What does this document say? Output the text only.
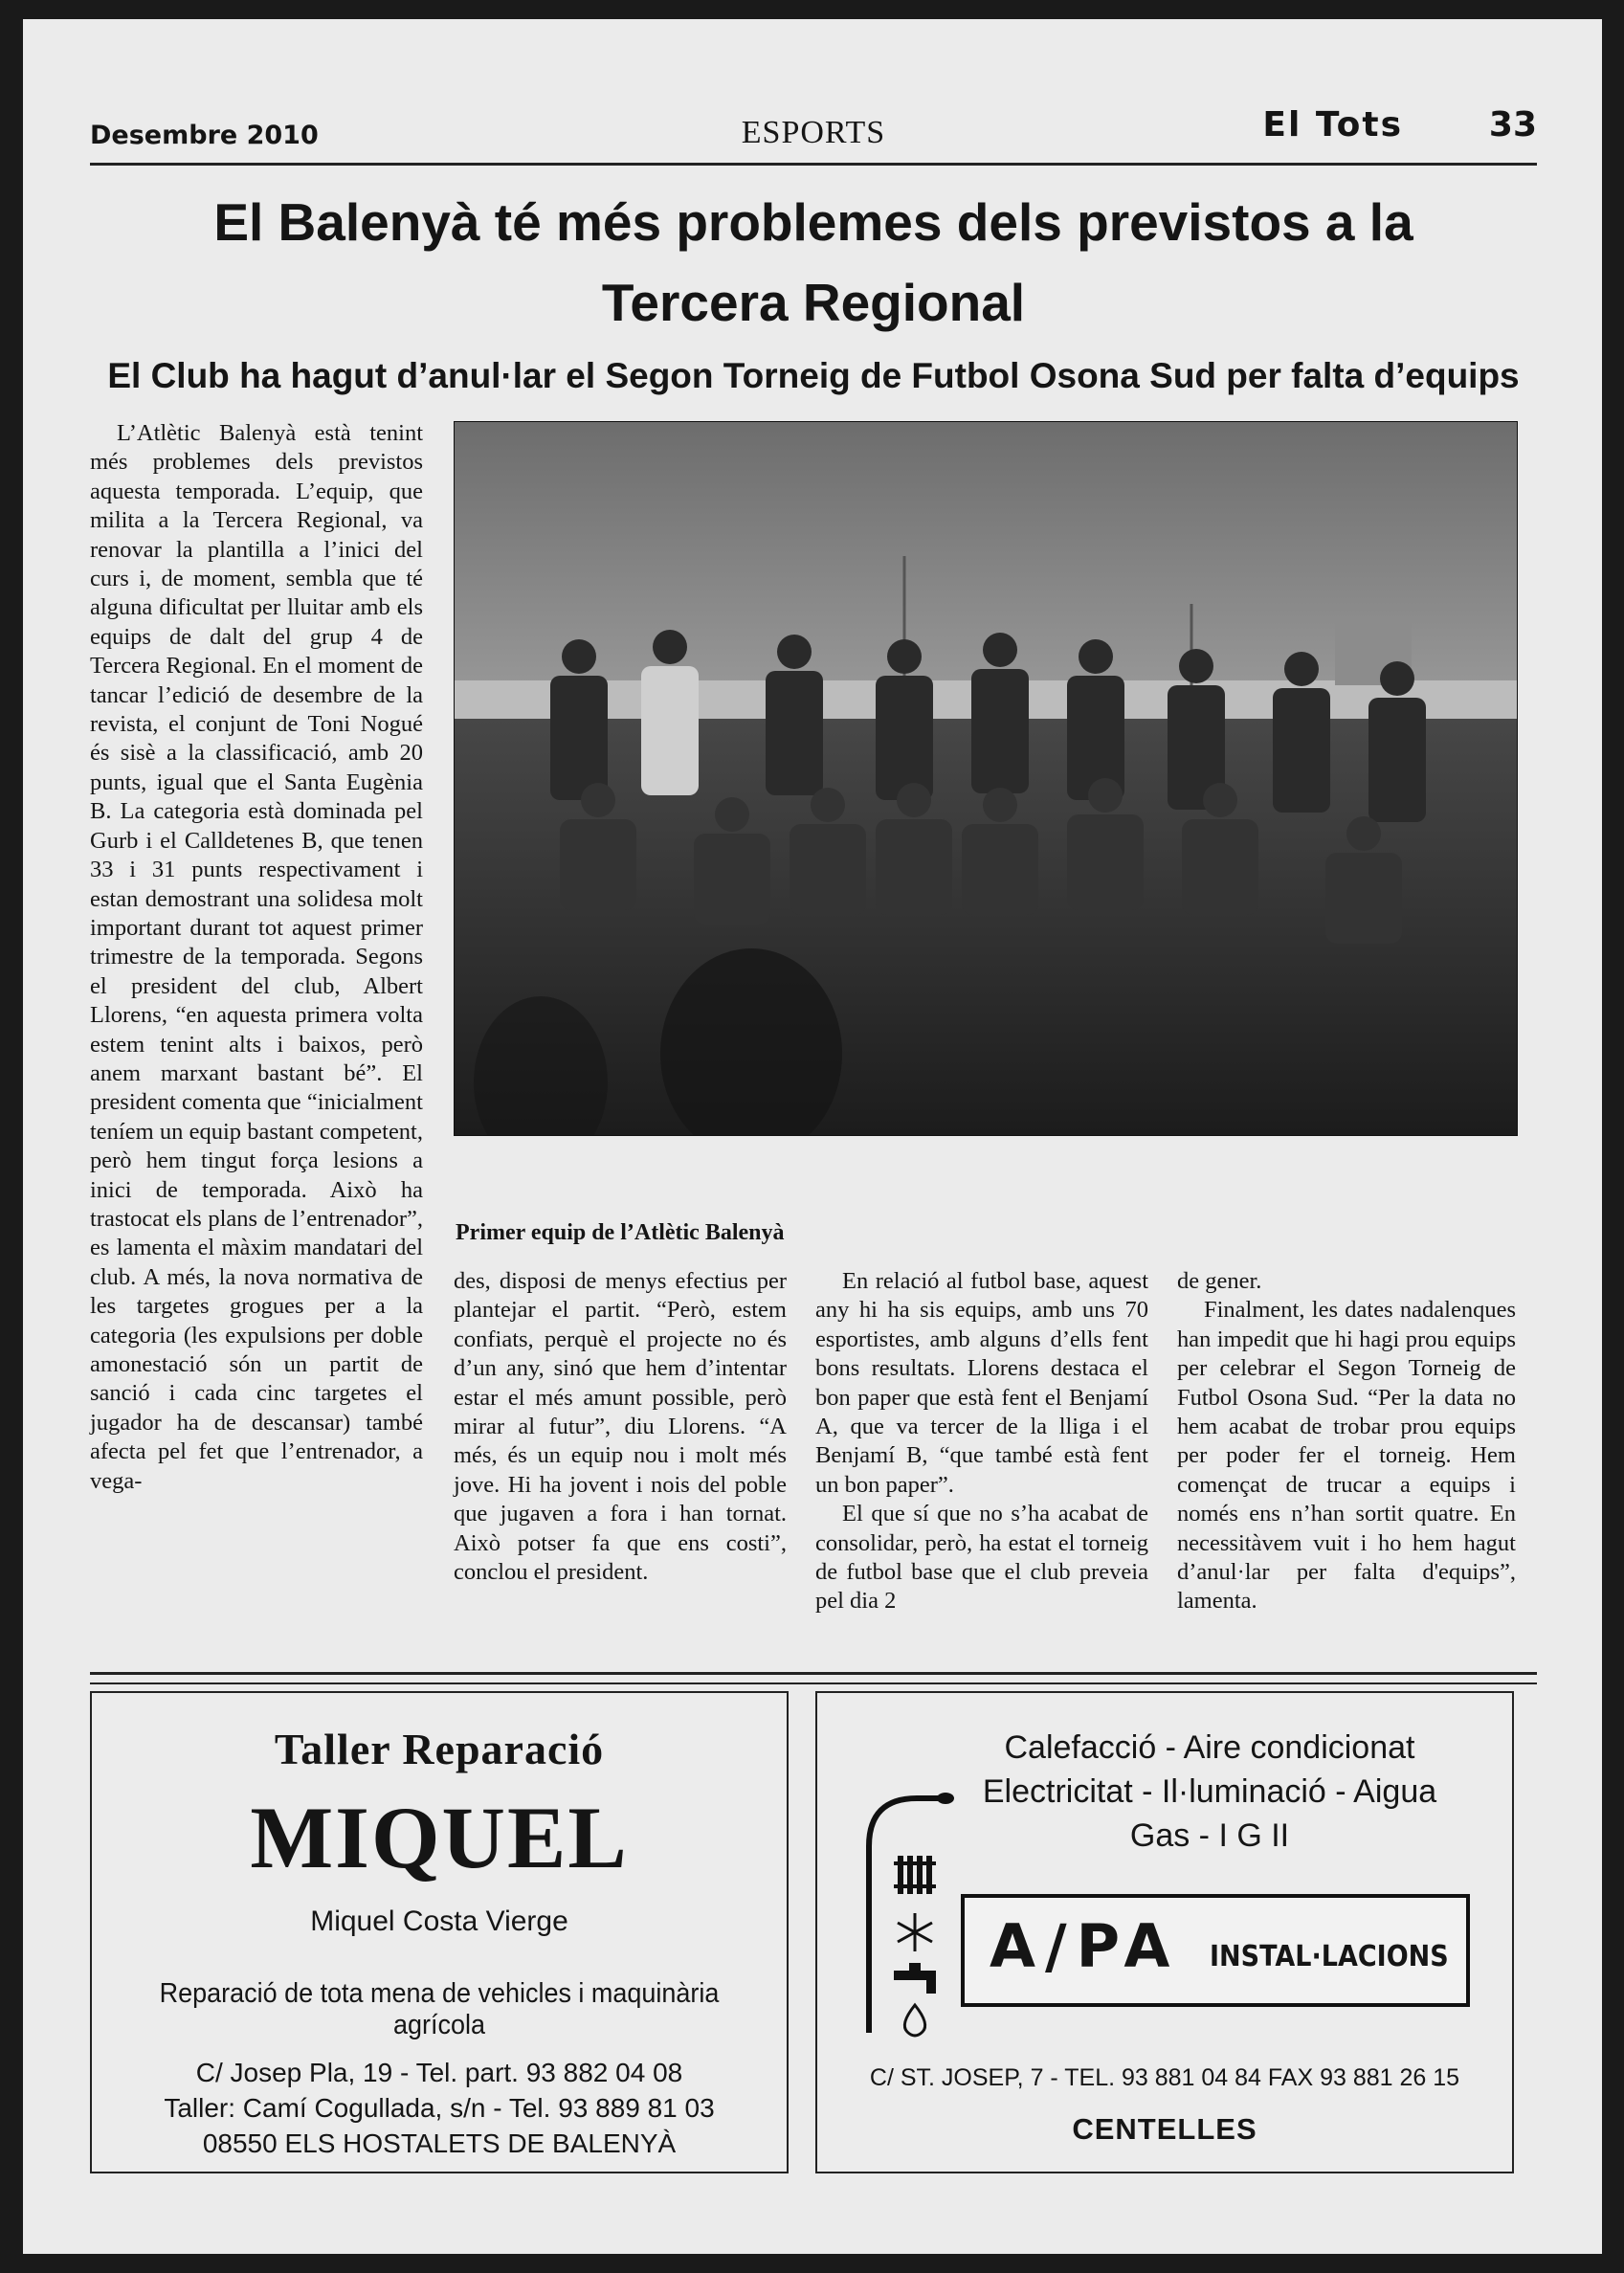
Desembre 2010	ESPORTS	El Tots 33
El Balenyà té més problemes dels previstos a la
Tercera Regional
El Club ha hagut d’anul·lar el Segon Torneig de Futbol Osona Sud per falta d’equips

L’Atlètic Balenyà està tenint més problemes dels previstos aquesta temporada. L’equip, que milita a la Tercera Regional, va renovar la plantilla a l’inici del curs i, de moment, sembla que té alguna dificultat per lluitar amb els equips de dalt del grup 4 de Tercera Regional. En el moment de tancar l’edició de desembre de la revista, el conjunt de Toni Nogué és sisè a la classificació, amb 20 punts, igual que el Santa Eugènia B. La categoria està dominada pel Gurb i el Calldetenes B, que tenen 33 i 31 punts respectivament i estan demostrant una solidesa molt important durant tot aquest primer trimestre de la temporada. Segons el president del club, Albert Llorens, “en aquesta primera volta estem tenint alts i baixos, però anem marxant bastant bé”. El president comenta que “inicialment teníem un equip bastant competent, però hem tingut força lesions a inici de temporada. Això ha trastocat els plans de l’entrenador”, es lamenta el màxim mandatari del club. A més, la nova normativa de les targetes grogues per a la categoria (les expulsions per doble amonestació són un partit de sanció i cada cinc targetes el jugador ha de descansar) també afecta pel fet que l’entrenador, a vega-

Primer equip de l’Atlètic Balenyà

des, disposi de menys efectius per plantejar el partit. “Però, estem confiats, perquè el projecte no és d’un any, sinó que hem d’intentar estar el més amunt possible, però mirar al futur”, diu Llorens. “A més, és un equip nou i molt més jove. Hi ha jovent i nois del poble que jugaven a fora i han tornat. Això potser fa que ens costi”, conclou el president.

En relació al futbol base, aquest any hi ha sis equips, amb uns 70 esportistes, amb alguns d’ells fent bons resultats. Llorens destaca el bon paper que està fent el Benjamí A, que va tercer de la lliga i el Benjamí B, “que també està fent un bon paper”.

El que sí que no s’ha acabat de consolidar, però, ha estat el torneig de futbol base que el club preveia pel dia 2

de gener.

Finalment, les dates nadalenques han impedit que hi hagi prou equips per celebrar el Segon Torneig de Futbol Osona Sud. “Per la data no hem acabat de trobar prou equips per poder fer el torneig. Hem començat de trucar a equips i només ens n’han sortit quatre. En necessitàvem vuit i ho hem hagut d’anul·lar per falta d'equips”, lamenta.

Taller Reparació
MIQUEL
Miquel Costa Vierge
Reparació de tota mena de vehicles i maquinària agrícola
C/ Josep Pla, 19 - Tel. part. 93 882 04 08
Taller: Camí Cogullada, s/n - Tel. 93 889 81 03
08550 ELS HOSTALETS DE BALENYÀ
Calefacció - Aire condicionat
Electricitat - Il·luminació - Aigua
Gas - I G II
A/PA INSTAL·LACIONS
C/ ST. JOSEP, 7 - TEL. 93 881 04 84 FAX 93 881 26 15
CENTELLES
